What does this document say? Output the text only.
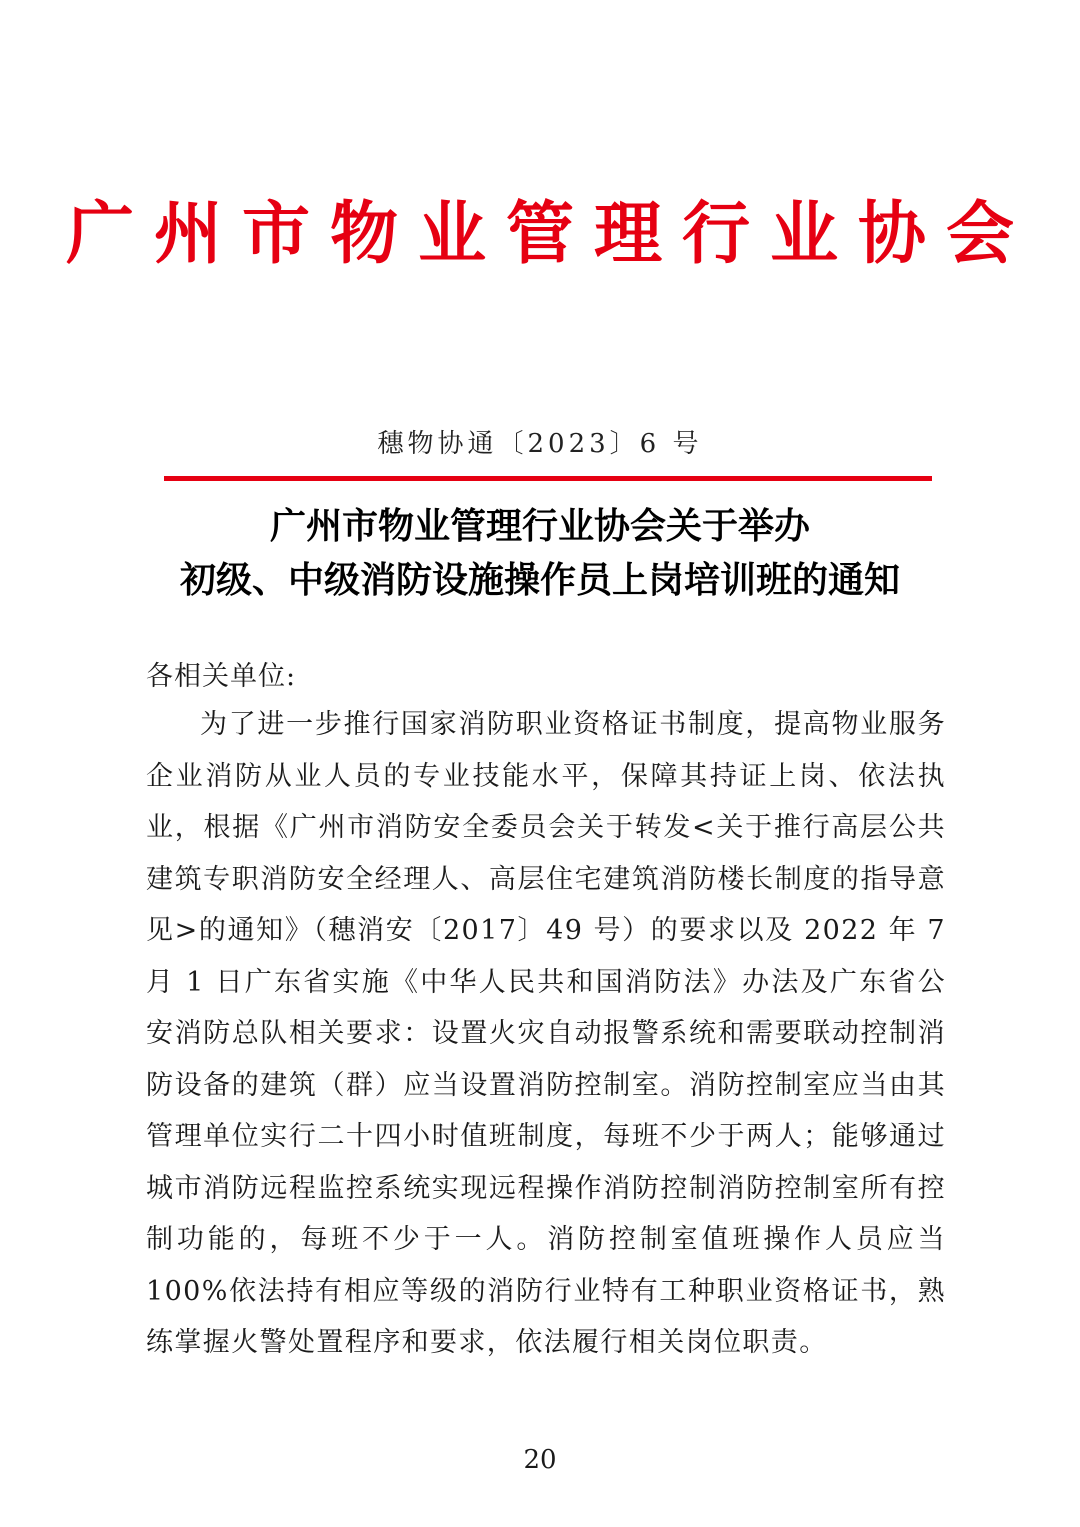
广州市物业管理行业协会
穗物协通〔2023〕6 号
广州市物业管理行业协会关于举办
初级、中级消防设施操作员上岗培训班的通知
各相关单位:

为了进一步推行国家消防职业资格证书制度，提高物业服务企业消防从业人员的专业技能水平，保障其持证上岗、依法执业，根据《广州市消防安全委员会关于转发<关于推行高层公共建筑专职消防安全经理人、高层住宅建筑消防楼长制度的指导意见>的通知》（穗消安〔2017〕49 号）的要求以及 2022 年 7 月 1 日广东省实施《中华人民共和国消防法》办法及广东省公安消防总队相关要求：设置火灾自动报警系统和需要联动控制消防设备的建筑（群）应当设置消防控制室。消防控制室应当由其管理单位实行二十四小时值班制度，每班不少于两人；能够通过城市消防远程监控系统实现远程操作消防控制消防控制室所有控制功能的，每班不少于一人。消防控制室值班操作人员应当 100%依法持有相应等级的消防行业特有工种职业资格证书，熟练掌握火警处置程序和要求，依法履行相关岗位职责。

20
